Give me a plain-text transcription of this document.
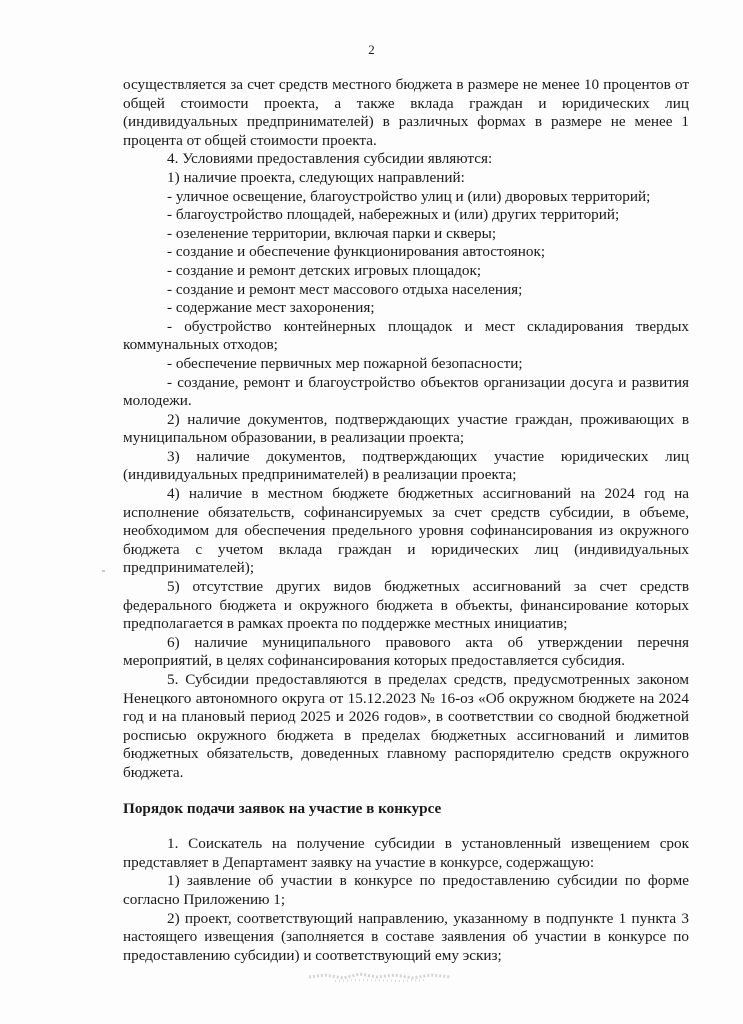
2

осуществляется за счет средств местного бюджета в размере не менее 10 процентов от общей стоимости проекта, а также вклада граждан и юридических лиц (индивидуальных предпринимателей) в различных формах в размере не менее 1 процента от общей стоимости проекта.

4. Условиями предоставления субсидии являются:

1) наличие проекта, следующих направлений:

- уличное освещение, благоустройство улиц и (или) дворовых территорий;

- благоустройство площадей, набережных и (или) других территорий;

- озеленение территории, включая парки и скверы;

- создание и обеспечение функционирования автостоянок;

- создание и ремонт детских игровых площадок;

- создание и ремонт мест массового отдыха населения;

- содержание мест захоронения;

- обустройство контейнерных площадок и мест складирования твердых коммунальных отходов;

- обеспечение первичных мер пожарной безопасности;

- создание, ремонт и благоустройство объектов организации досуга и развития молодежи.

2) наличие документов, подтверждающих участие граждан, проживающих в муниципальном образовании, в реализации проекта;

3) наличие документов, подтверждающих участие юридических лиц (индивидуальных предпринимателей) в реализации проекта;

4) наличие в местном бюджете бюджетных ассигнований на 2024 год на исполнение обязательств, софинансируемых за счет средств субсидии, в объеме, необходимом для обеспечения предельного уровня софинансирования из окружного бюджета с учетом вклада граждан и юридических лиц (индивидуальных предпринимателей);

5) отсутствие других видов бюджетных ассигнований за счет средств федерального бюджета и окружного бюджета в объекты, финансирование которых предполагается в рамках проекта по поддержке местных инициатив;

6) наличие муниципального правового акта об утверждении перечня мероприятий, в целях софинансирования которых предоставляется субсидия.

5. Субсидии предоставляются в пределах средств, предусмотренных законом Ненецкого автономного округа от 15.12.2023 № 16-оз «Об окружном бюджете на 2024 год и на плановый период 2025 и 2026 годов», в соответствии со сводной бюджетной росписью окружного бюджета в пределах бюджетных ассигнований и лимитов бюджетных обязательств, доведенных главному распорядителю средств окружного бюджета.

Порядок подачи заявок на участие в конкурсе

1. Соискатель на получение субсидии в установленный извещением срок представляет в Департамент заявку на участие в конкурсе, содержащую:

1) заявление об участии в конкурсе по предоставлению субсидии по форме согласно Приложению 1;

2) проект, соответствующий направлению, указанному в подпункте 1 пункта 3 настоящего извещения (заполняется в составе заявления об участии в конкурсе по предоставлению субсидии) и соответствующий ему эскиз;
